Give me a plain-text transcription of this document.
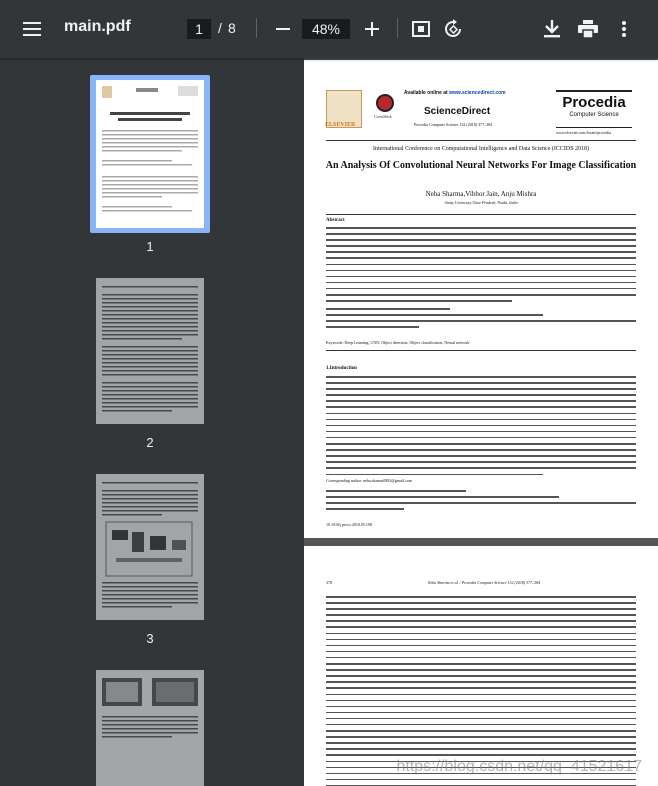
main.pdf	1	/ 8	48%
1
2
3
ELSEVIER
CrossMark
Available online at www.sciencedirect.com
ScienceDirect
Procedia Computer Science 132 (2018) 377–384
Procedia
Computer Science
www.elsevier.com/locate/procedia
International Conference on Computational Intelligence and Data Science (ICCIDS 2018)
An Analysis Of Convolutional Neural Networks For Image Classification
Neha Sharma,Vibhor Jain, Anju Mishra
Amity University Uttar Pradesh, Noida, India
Abstract
Keywords: Deep Learning; CNN; Object detection; Object classification; Neural network
1.Introduction
Corresponding author: neha.sharma0882@gmail.com
10.1016/j.procs.2018.05.198
378	Neha Sharma et al. / Procedia Computer Science 132 (2018) 377–384
https://blog.csdn.net/qq_41521617
